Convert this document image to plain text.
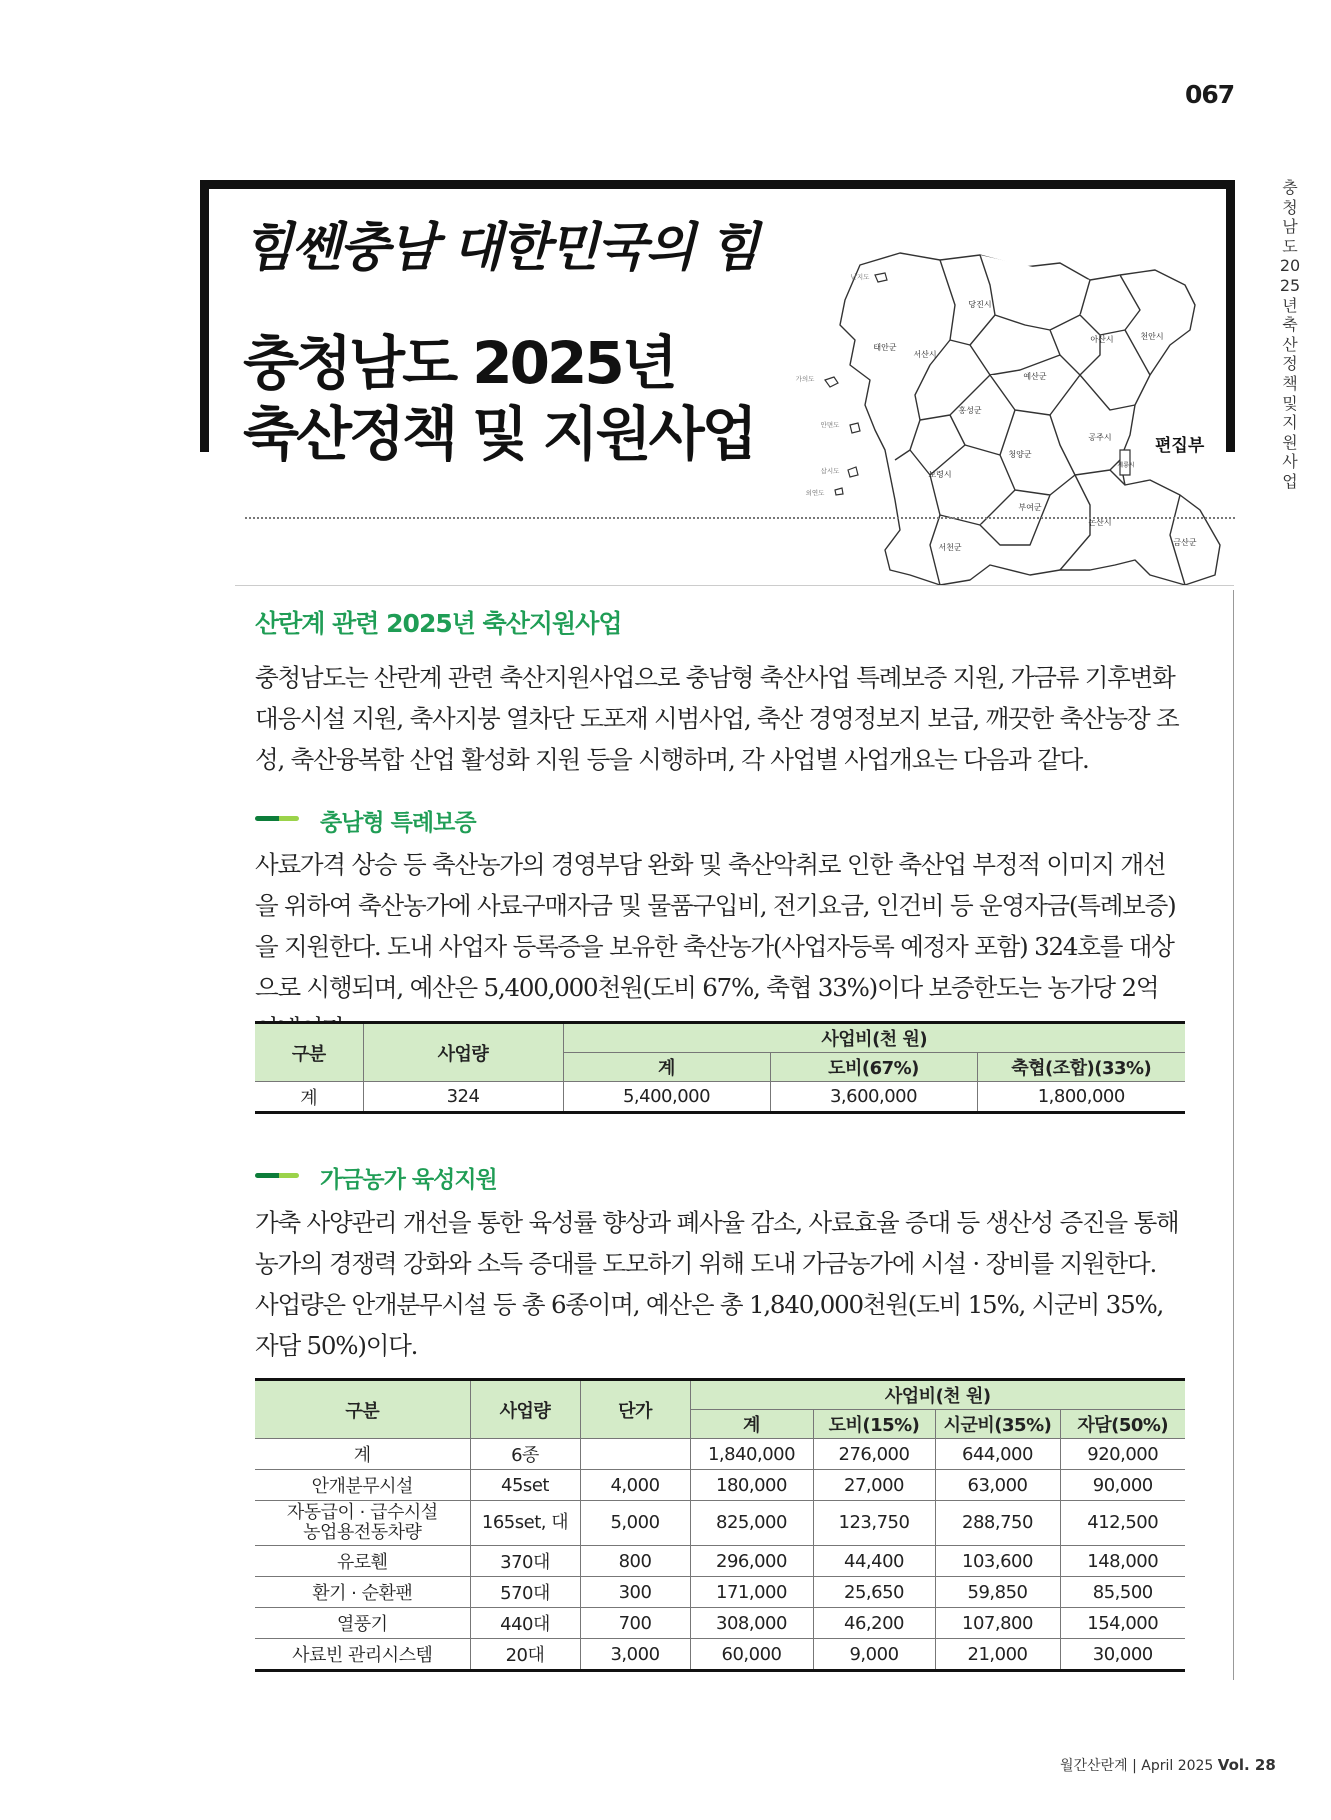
067
충청남도 2025년 축산정책 및 지원사업
힘쎈충남 대한민국의 힘
충청남도 2025년
축산정책 및 지원사업	편집부
난지도
당진시
태안군
서산시
아산시	천안시
가의도	예산군
홍성군
안면도
청양군
공주시
삽시도	보령시
외연도
부여군
계룡시
논산시
서천군
금산군
산란계 관련 2025년 축산지원사업
충청남도는 산란계 관련 축산지원사업으로 충남형 축산사업 특례보증 지원, 가금류 기후변화 대응시설 지원, 축사지붕 열차단 도포재 시범사업, 축산 경영정보지 보급, 깨끗한 축산농장 조성, 축산융복합 산업 활성화 지원 등을 시행하며, 각 사업별 사업개요는 다음과 같다.
충남형 특례보증
사료가격 상승 등 축산농가의 경영부담 완화 및 축산악취로 인한 축산업 부정적 이미지 개선을 위하여 축산농가에 사료구매자금 및 물품구입비, 전기요금, 인건비 등 운영자금(특례보증)을 지원한다. 도내 사업자 등록증을 보유한 축산농가(사업자등록 예정자 포함) 324호를 대상으로 시행되며, 예산은 5,400,000천원(도비 67%, 축협 33%)이다 보증한도는 농가당 2억
구분	사업량	사업비(천 원)		
		계	도비(67%)	축협(조합)(33%)
계	324	5,400,000	3,600,000	1,800,000
가금농가 육성지원
가축 사양관리 개선을 통한 육성률 향상과 폐사율 감소, 사료효율 증대 등 생산성 증진을 통해 농가의 경쟁력 강화와 소득 증대를 도모하기 위해 도내 가금농가에 시설 · 장비를 지원한다. 사업량은 안개분무시설 등 총 6종이며, 예산은 총 1,840,000천원(도비 15%, 시군비 35%, 자담 50%)이다.
구분	사업량	단가	사업비(천 원)			
			계	도비(15%)	시군비(35%)	자담(50%)
계	6종		1,840,000	276,000	644,000	920,000
안개분무시설	45set	4,000	180,000	27,000	63,000	90,000
자동급이 · 급수시설
농업용전동차량	165set, 대	5,000	825,000	123,750	288,750	412,500
유로휀	370대	800	296,000	44,400	103,600	148,000
환기 · 순환팬	570대	300	171,000	25,650	59,850	85,500
열풍기	440대	700	308,000	46,200	107,800	154,000
사료빈 관리시스템	20대	3,000	60,000	9,000	21,000	30,000
월간산란계 | April 2025 Vol. 28
